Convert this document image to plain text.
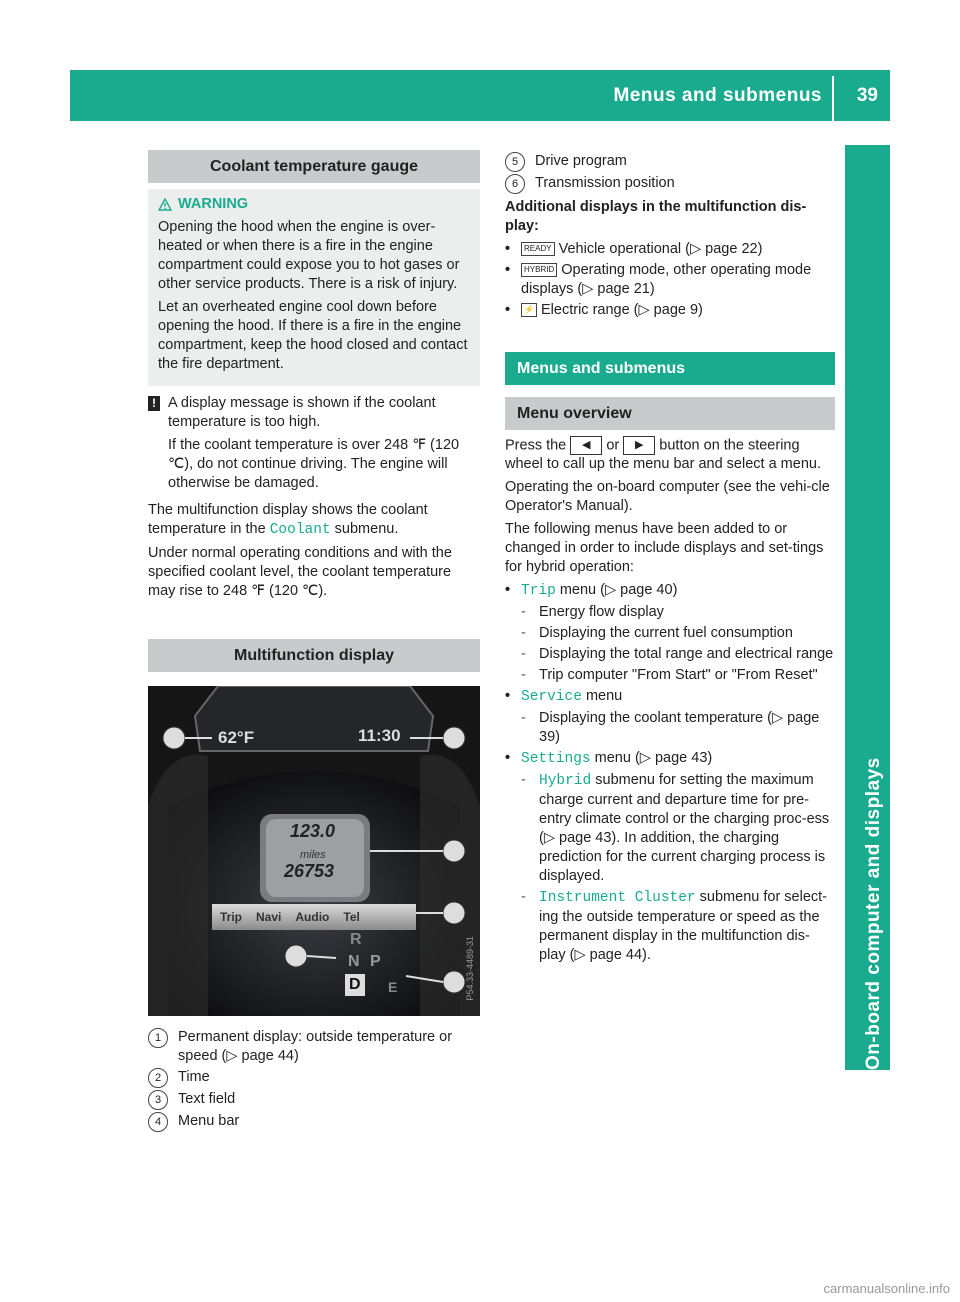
Menus and submenus 39
On-board computer and displays
Coolant temperature gauge
WARNING

Opening the hood when the engine is over-heated or when there is a fire in the engine compartment could expose you to hot gases or other service products. There is a risk of injury.

Let an overheated engine cool down before opening the hood. If there is a fire in the engine compartment, keep the hood closed and contact the fire department.

! A display message is shown if the coolant temperature is too high.

If the coolant temperature is over 248 ℉ (120 ℃), do not continue driving. The engine will otherwise be damaged.

The multifunction display shows the coolant temperature in the Coolant submenu.

Under normal operating conditions and with the specified coolant level, the coolant temperature may rise to 248 ℉ (120 ℃).

Multifunction display
62°F	11:30
123.0
miles
26753
Trip Navi Audio Tel
R
N P
D E	P54.33-4489-31
1	Permanent display: outside temperature or speed (▷ page 44)
2	Time
3	Text field
4	Menu bar
5	Drive program
6	Transmission position

Additional displays in the multifunction dis-play:

•	READY Vehicle operational (▷ page 22)
•	HYBRID Operating mode, other operating mode displays (▷ page 21)
•	⚡ Electric range (▷ page 9)
Menus and submenus
Menu overview

Press the ◀ or ▶ button on the steering wheel to call up the menu bar and select a menu.

Operating the on-board computer (see the vehi-cle Operator's Manual).

The following menus have been added to or changed in order to include displays and set-tings for hybrid operation:

• Trip menu (▷ page 40)
- Energy flow display
- Displaying the current fuel consumption
- Displaying the total range and electrical range
- Trip computer "From Start" or "From Reset"
• Service menu
- Displaying the coolant temperature (▷ page 39)
• Settings menu (▷ page 43)
- Hybrid submenu for setting the maximum charge current and departure time for pre-entry climate control or the charging proc-ess (▷ page 43). In addition, the charging prediction for the current charging process is displayed.
- Instrument Cluster submenu for select-ing the outside temperature or speed as the permanent display in the multifunction dis-play (▷ page 44).
carmanualsonline.info
